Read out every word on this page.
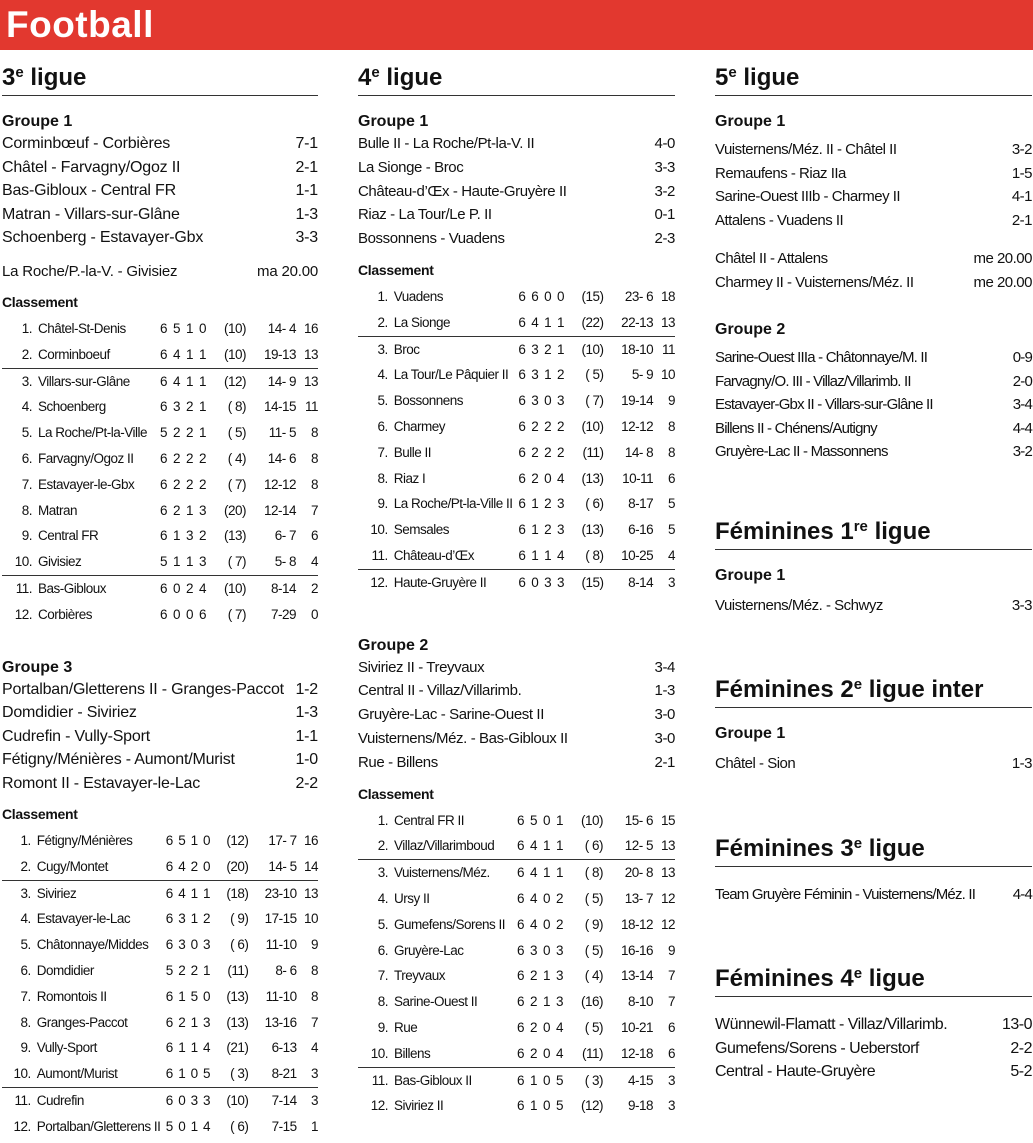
Football
3e ligue
Groupe 1
Corminbœuf - Corbières	7-1
Châtel - Farvagny/Ogoz II	2-1
Bas-Gibloux - Central FR	1-1
Matran - Villars-sur-Glâne	1-3
Schoenberg - Estavayer-Gbx	3-3
La Roche/P.-la-V. - Givisiez	ma 20.00
Classement
1.	Châtel-St-Denis	6	5	1	0		(10)	14- 4	16
2.	Corminboeuf	6	4	1	1		(10)	19-13	13
3.	Villars-sur-Glâne	6	4	1	1		(12)	14- 9	13
4.	Schoenberg	6	3	2	1		( 8)	14-15	11
5.	La Roche/Pt-la-Ville	5	2	2	1		( 5)	11- 5	8
6.	Farvagny/Ogoz II	6	2	2	2		( 4)	14- 6	8
7.	Estavayer-le-Gbx	6	2	2	2		( 7)	12-12	8
8.	Matran	6	2	1	3		(20)	12-14	7
9.	Central FR	6	1	3	2		(13)	6- 7	6
10.	Givisiez	5	1	1	3		( 7)	5- 8	4
11.	Bas-Gibloux	6	0	2	4		(10)	8-14	2
12.	Corbières	6	0	0	6		( 7)	7-29	0
Groupe 3
Portalban/Gletterens II - Granges-Paccot 1-2
Domdidier - Siviriez	1-3
Cudrefin - Vully-Sport	1-1
Fétigny/Ménières - Aumont/Murist	1-0
Romont II - Estavayer-le-Lac	2-2
Classement
1.	Fétigny/Ménières	6	5	1	0		(12)	17- 7	16
2.	Cugy/Montet	6	4	2	0		(20)	14- 5	14
3.	Siviriez	6	4	1	1		(18)	23-10	13
4.	Estavayer-le-Lac	6	3	1	2		( 9)	17-15	10
5.	Châtonnaye/Middes	6	3	0	3		( 6)	11-10	9
6.	Domdidier	5	2	2	1		(11)	8- 6	8
7.	Romontois II	6	1	5	0		(13)	11-10	8
8.	Granges-Paccot	6	2	1	3		(13)	13-16	7
9.	Vully-Sport	6	1	1	4		(21)	6-13	4
10.	Aumont/Murist	6	1	0	5		( 3)	8-21	3
11.	Cudrefin	6	0	3	3		(10)	7-14	3
12.	Portalban/Gletterens II	5	0	1	4		( 6)	7-15	1
4e ligue
Groupe 1
Bulle II - La Roche/Pt-la-V. II	4-0
La Sionge - Broc	3-3
Château-d’Œx - Haute-Gruyère II	3-2
Riaz - La Tour/Le P. II	0-1
Bossonnens - Vuadens	2-3
Classement
1.	Vuadens	6	6	0	0		(15)	23- 6	18
2.	La Sionge	6	4	1	1		(22)	22-13	13
3.	Broc	6	3	2	1		(10)	18-10	11
4.	La Tour/Le Pâquier II	6	3	1	2		( 5)	5- 9	10
5.	Bossonnens	6	3	0	3		( 7)	19-14	9
6.	Charmey	6	2	2	2		(10)	12-12	8
7.	Bulle II	6	2	2	2		(11)	14- 8	8
8.	Riaz I	6	2	0	4		(13)	10-11	6
9.	La Roche/Pt-la-Ville II	6	1	2	3		( 6)	8-17	5
10.	Semsales	6	1	2	3		(13)	6-16	5
11.	Château-d’Œx	6	1	1	4		( 8)	10-25	4
12.	Haute-Gruyère II	6	0	3	3		(15)	8-14	3
Groupe 2
Siviriez II - Treyvaux	3-4
Central II - Villaz/Villarimb.	1-3
Gruyère-Lac - Sarine-Ouest II	3-0
Vuisternens/Méz. - Bas-Gibloux II	3-0
Rue - Billens	2-1
Classement
1.	Central FR II	6	5	0	1		(10)	15- 6	15
2.	Villaz/Villarimboud	6	4	1	1		( 6)	12- 5	13
3.	Vuisternens/Méz.	6	4	1	1		( 8)	20- 8	13
4.	Ursy II	6	4	0	2		( 5)	13- 7	12
5.	Gumefens/Sorens II	6	4	0	2		( 9)	18-12	12
6.	Gruyère-Lac	6	3	0	3		( 5)	16-16	9
7.	Treyvaux	6	2	1	3		( 4)	13-14	7
8.	Sarine-Ouest II	6	2	1	3		(16)	8-10	7
9.	Rue	6	2	0	4		( 5)	10-21	6
10.	Billens	6	2	0	4		(11)	12-18	6
11.	Bas-Gibloux II	6	1	0	5		( 3)	4-15	3
12.	Siviriez II	6	1	0	5		(12)	9-18	3
5e ligue
Groupe 1
Vuisternens/Méz. II - Châtel II	3-2
Remaufens - Riaz IIa	1-5
Sarine-Ouest IIIb - Charmey II	4-1
Attalens - Vuadens II	2-1
Châtel II - Attalens	me 20.00
Charmey II - Vuisternens/Méz. II	me 20.00
Groupe 2
Sarine-Ouest IIIa - Châtonnaye/M. II	0-9
Farvagny/O. III - Villaz/Villarimb. II	2-0
Estavayer-Gbx II - Villars-sur-Glâne II	3-4
Billens II - Chénens/Autigny	4-4
Gruyère-Lac II - Massonnens	3-2
Féminines 1re ligue
Groupe 1
Vuisternens/Méz. - Schwyz	3-3
Féminines 2e ligue inter
Groupe 1
Châtel - Sion	1-3
Féminines 3e ligue
Team Gruyère Féminin - Vuisternens/Méz. II	4-4
Féminines 4e ligue
Wünnewil-Flamatt - Villaz/Villarimb.	13-0
Gumefens/Sorens - Ueberstorf	2-2
Central - Haute-Gruyère	5-2
